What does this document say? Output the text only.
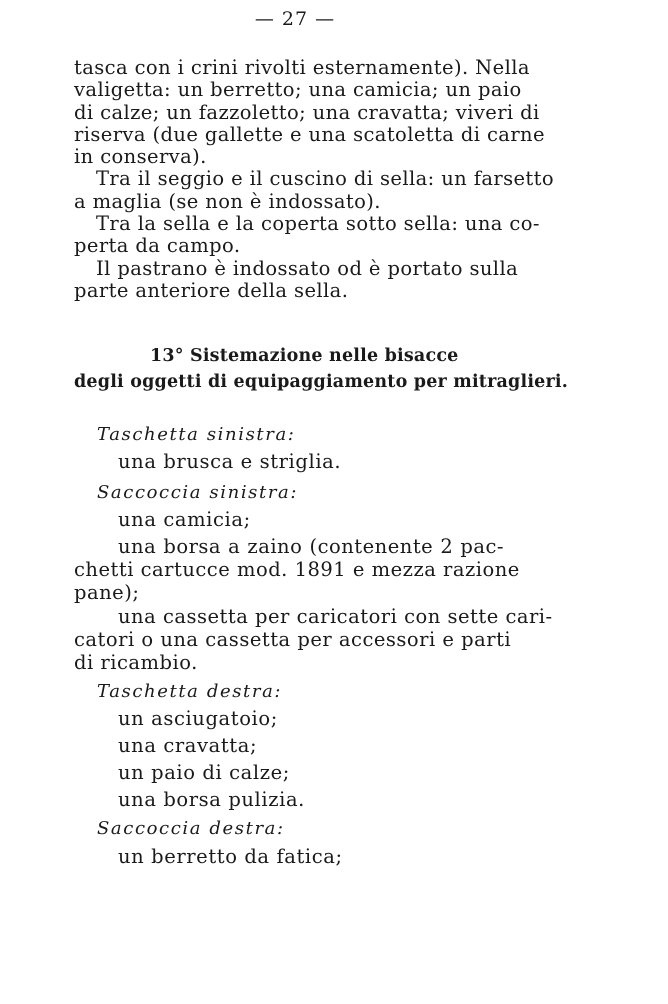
— 27 —
tasca con i crini rivolti esternamente). Nella
valigetta: un berretto; una camicia; un paio
di calze; un fazzoletto; una cravatta; viveri di
riserva (due gallette e una scatoletta di carne
in conserva).
Tra il seggio e il cuscino di sella: un farsetto
a maglia (se non è indossato).
Tra la sella e la coperta sotto sella: una co-
perta da campo.
Il pastrano è indossato od è portato sulla
parte anteriore della sella.
13° Sistemazione nelle bisacce
degli oggetti di equipaggiamento per mitraglieri.
Taschetta sinistra:
una brusca e striglia.
Saccoccia sinistra:
una camicia;
una borsa a zaino (contenente 2 pac-
chetti cartucce mod. 1891 e mezza razione
pane);
una cassetta per caricatori con sette cari-
catori o una cassetta per accessori e parti
di ricambio.
Taschetta destra:
un asciugatoio;
una cravatta;
un paio di calze;
una borsa pulizia.
Saccoccia destra:
un berretto da fatica;
